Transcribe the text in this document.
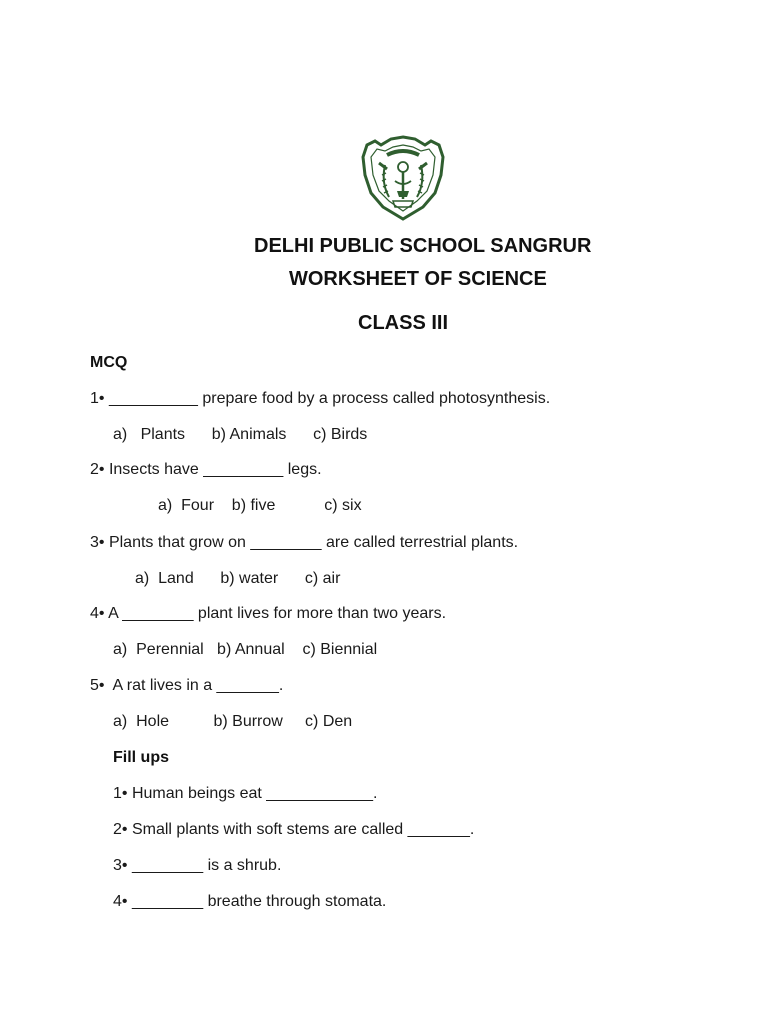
DELHI PUBLIC SCHOOL SANGRUR
WORKSHEET OF SCIENCE
CLASS III

MCQ

1• __________ prepare food by a process called photosynthesis.

a)   Plants      b) Animals      c) Birds

2• Insects have _________ legs.

a)  Four    b) five           c) six

3• Plants that grow on ________ are called terrestrial plants.

a)  Land      b) water      c) air

4• A ________ plant lives for more than two years.

a)  Perennial   b) Annual    c) Biennial

5•  A rat lives in a _______.

a)  Hole          b) Burrow     c) Den

Fill ups

1• Human beings eat ____________.

2• Small plants with soft stems are called _______.

3• ________ is a shrub.

4• ________ breathe through stomata.
